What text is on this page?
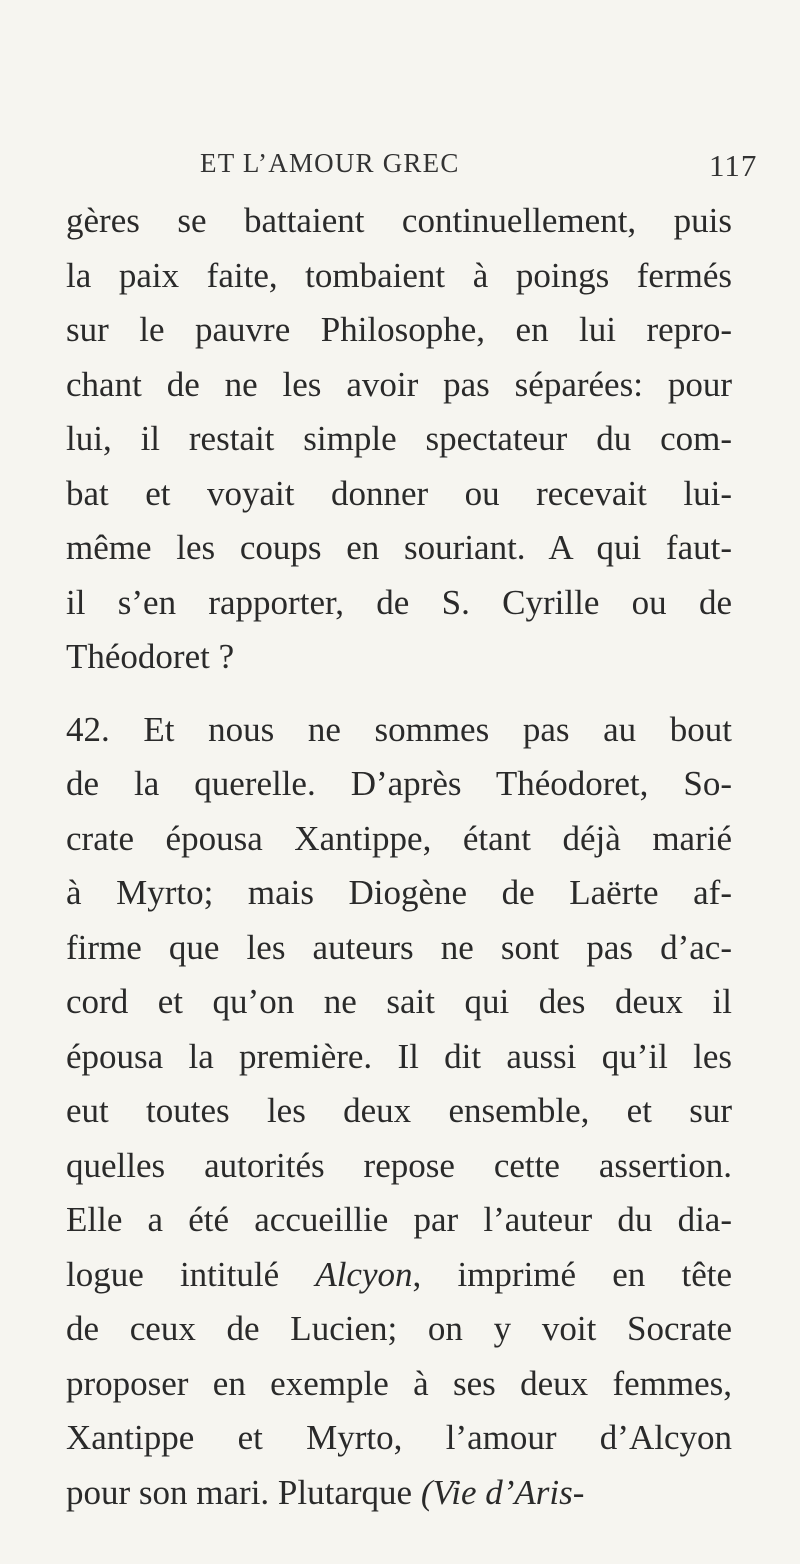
ET L’AMOUR GREC	117
gères se battaient continuellement, puis
la paix faite, tombaient à poings fermés
sur le pauvre Philosophe, en lui repro-
chant de ne les avoir pas séparées: pour
lui, il restait simple spectateur du com-
bat et voyait donner ou recevait lui-
même les coups en souriant. A qui faut-
il s’en rapporter, de S. Cyrille ou de
Théodoret ?
42. Et nous ne sommes pas au bout
de la querelle. D’après Théodoret, So-
crate épousa Xantippe, étant déjà marié
à Myrto; mais Diogène de Laërte af-
firme que les auteurs ne sont pas d’ac-
cord et qu’on ne sait qui des deux il
épousa la première. Il dit aussi qu’il les
eut toutes les deux ensemble, et sur
quelles autorités repose cette assertion.
Elle a été accueillie par l’auteur du dia-
logue intitulé Alcyon, imprimé en tête
de ceux de Lucien; on y voit Socrate
proposer en exemple à ses deux femmes,
Xantippe et Myrto, l’amour d’Alcyon
pour son mari. Plutarque (Vie d’Aris-
